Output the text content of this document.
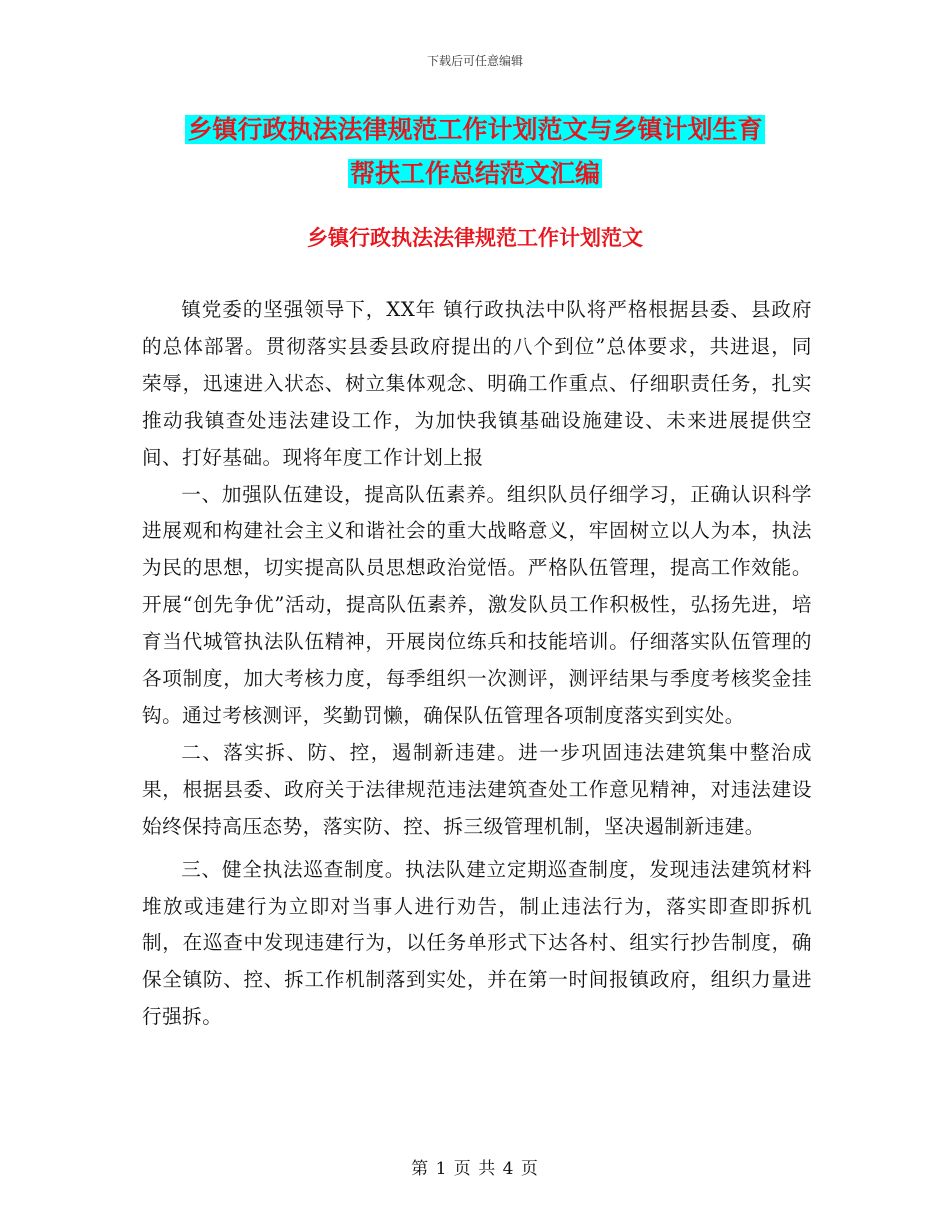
下载后可任意编辑
乡镇行政执法法律规范工作计划范文与乡镇计划生育
帮扶工作总结范文汇编
乡镇行政执法法律规范工作计划范文

镇党委的坚强领导下，XX年 镇行政执法中队将严格根据县委、县政府的总体部署。贯彻落实县委县政府提出的八个到位”总体要求，共进退，同荣辱，迅速进入状态、树立集体观念、明确工作重点、仔细职责任务，扎实推动我镇查处违法建设工作，为加快我镇基础设施建设、未来进展提供空间、打好基础。现将年度工作计划上报

一、加强队伍建设，提高队伍素养。组织队员仔细学习，正确认识科学进展观和构建社会主义和谐社会的重大战略意义，牢固树立以人为本，执法为民的思想，切实提高队员思想政治觉悟。严格队伍管理，提高工作效能。开展“创先争优”活动，提高队伍素养，激发队员工作积极性，弘扬先进，培育当代城管执法队伍精神，开展岗位练兵和技能培训。仔细落实队伍管理的各项制度，加大考核力度，每季组织一次测评，测评结果与季度考核奖金挂钩。通过考核测评，奖勤罚懒，确保队伍管理各项制度落实到实处。

二、落实拆、防、控，遏制新违建。进一步巩固违法建筑集中整治成果，根据县委、政府关于法律规范违法建筑查处工作意见精神，对违法建设始终保持高压态势，落实防、控、拆三级管理机制，坚决遏制新违建。

三、健全执法巡查制度。执法队建立定期巡查制度，发现违法建筑材料堆放或违建行为立即对当事人进行劝告，制止违法行为，落实即查即拆机制，在巡查中发现违建行为，以任务单形式下达各村、组实行抄告制度，确保全镇防、控、拆工作机制落到实处，并在第一时间报镇政府，组织力量进行强拆。

第 1 页 共 4 页
